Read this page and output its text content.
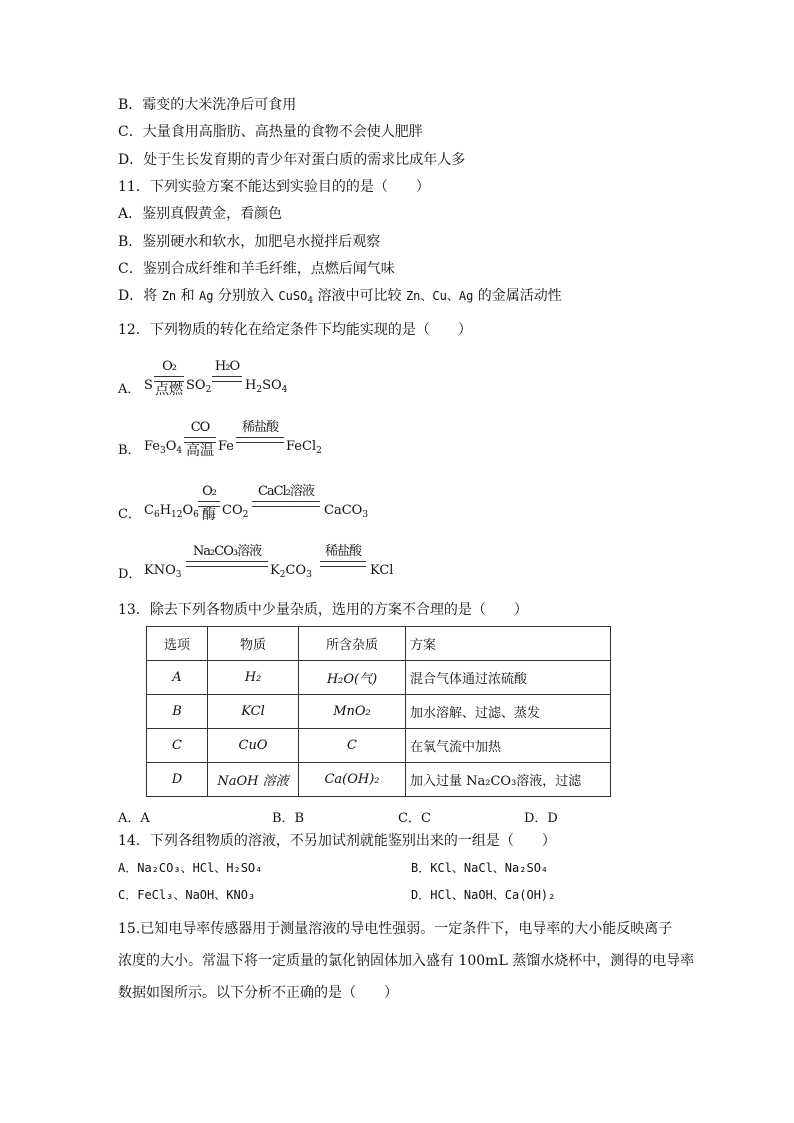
B．霉变的大米洗净后可食用
C．大量食用高脂肪、高热量的食物不会使人肥胖
D．处于生长发育期的青少年对蛋白质的需求比成年人多
11．下列实验方案不能达到实验目的的是（　　）
A．鉴别真假黄金，看颜色
B．鉴别硬水和软水，加肥皂水搅拌后观察
C．鉴别合成纤维和羊毛纤维，点燃后闻气味
D．将 Zn 和 Ag 分别放入 CuSO$_4$ 溶液中可比较 Zn、Cu、Ag 的金属活动性
12．下列物质的转化在给定条件下均能实现的是（　　）
A． S
O₂
点燃 $SO_2$
H₂O
$H_2SO_4$
B． $Fe_3O_4$
CO
高温 Fe
稀盐酸
FeCl$_2$
C． $C_6H_{12}O_6$
O₂
酶 $CO_2$
CaCl₂溶液
CaCO$_3$
D． $KNO_3$
Na₂CO₃溶液
$K_2CO_3$
稀盐酸
KCl
13．除去下列各物质中少量杂质，选用的方案不合理的是（　　）
选项	物质	所含杂质	方案
A	H₂	H₂O(气)	混合气体通过浓硫酸
B	KCl	MnO₂	加水溶解、过滤、蒸发
C	CuO	C	在氧气流中加热
D	NaOH 溶液	Ca(OH)₂	加入过量 Na₂CO₃溶液，过滤
A．A	B．B	C．C	D．D
14．下列各组物质的溶液，不另加试剂就能鉴别出来的一组是（　　）
A．Na₂CO₃、HCl、H₂SO₄	B．KCl、NaCl、Na₂SO₄
C．FeCl₃、NaOH、KNO₃	D．HCl、NaOH、Ca(OH)₂
15.已知电导率传感器用于测量溶液的导电性强弱。一定条件下，电导率的大小能反映离子
浓度的大小。常温下将一定质量的氯化钠固体加入盛有 100mL 蒸馏水烧杯中，测得的电导率
数据如图所示。以下分析不正确的是（　　）
